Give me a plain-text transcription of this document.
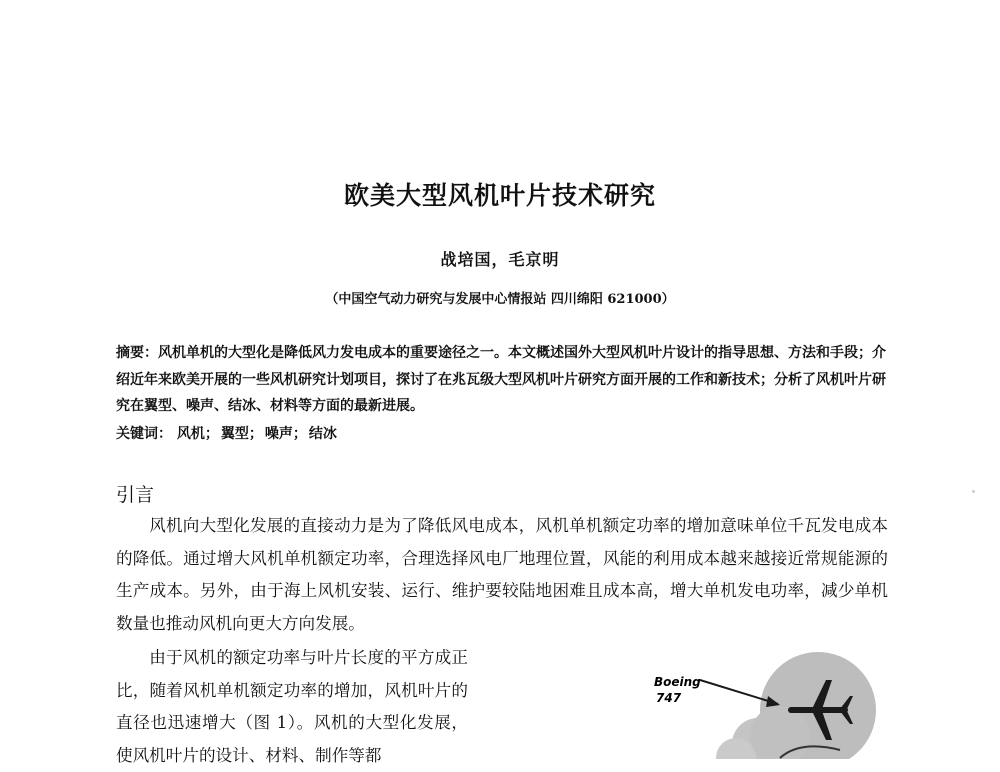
欧美大型风机叶片技术研究
战培国，毛京明
（中国空气动力研究与发展中心情报站 四川绵阳 621000）
摘要：风机单机的大型化是降低风力发电成本的重要途径之一。本文概述国外大型风机叶片设计的指导思想、方法和手段；介绍近年来欧美开展的一些风机研究计划项目，探讨了在兆瓦级大型风机叶片研究方面开展的工作和新技术；分析了风机叶片研究在翼型、噪声、结冰、材料等方面的最新进展。
关键词： 风机； 翼型； 噪声； 结冰
引言
风机向大型化发展的直接动力是为了降低风电成本，风机单机额定功率的增加意味单位千瓦发电成本的降低。通过增大风机单机额定功率，合理选择风电厂地理位置，风能的利用成本越来越接近常规能源的生产成本。另外，由于海上风机安装、运行、维护要较陆地困难且成本高，增大单机发电功率，减少单机数量也推动风机向更大方向发展。
由于风机的额定功率与叶片长度的平方成正比，随着风机单机额定功率的增加，风机叶片的直径也迅速增大（图 1）。风机的大型化发展，使风机叶片的设计、材料、制作等都
Boeing
747
